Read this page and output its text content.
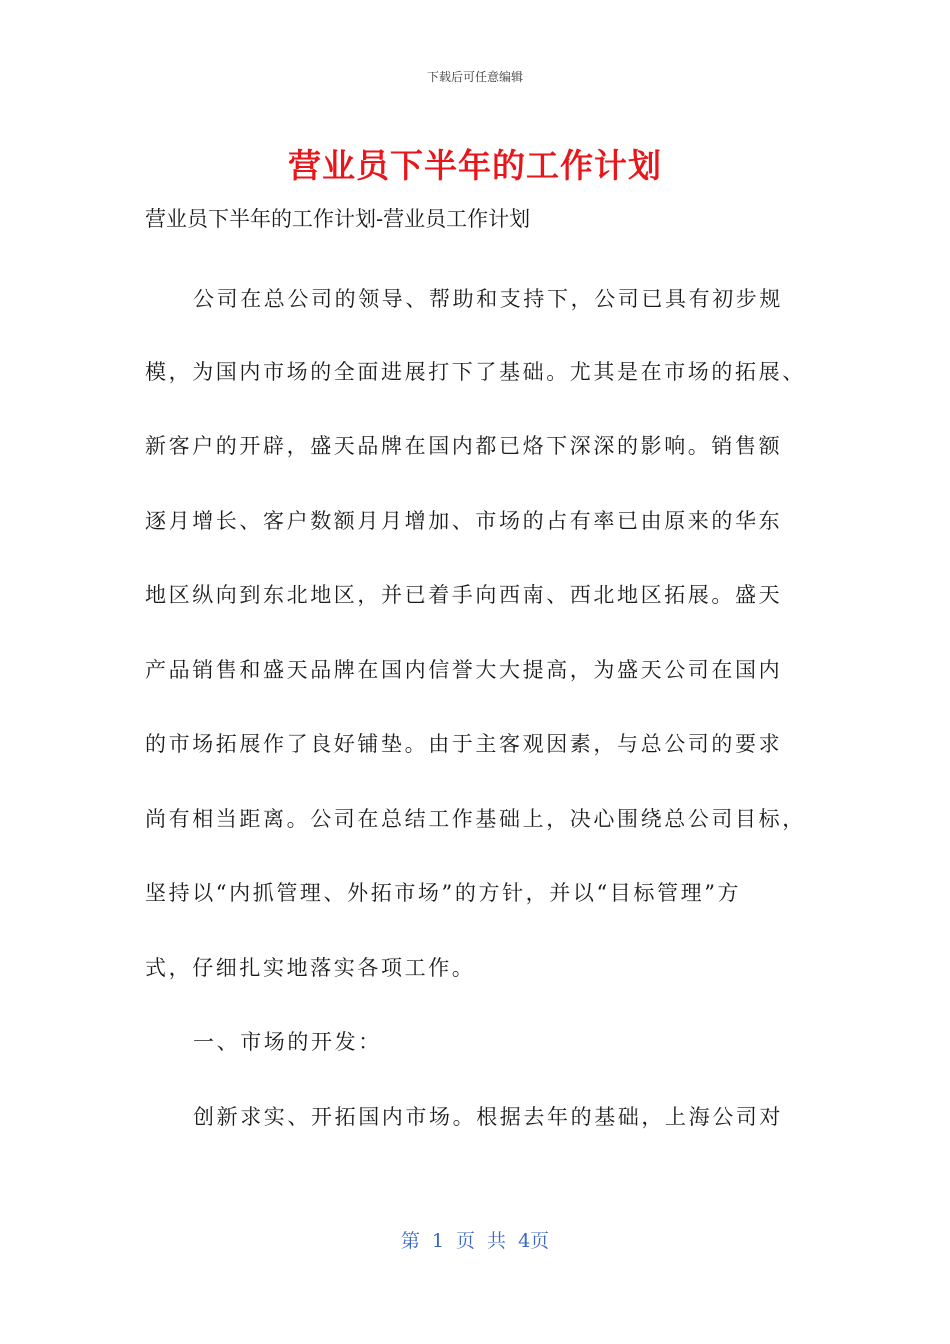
下载后可任意编辑
营业员下半年的工作计划
营业员下半年的工作计划-营业员工作计划
公司在总公司的领导、帮助和支持下，公司已具有初步规
模，为国内市场的全面进展打下了基础。尤其是在市场的拓展、
新客户的开辟，盛天品牌在国内都已烙下深深的影响。销售额
逐月增长、客户数额月月增加、市场的占有率已由原来的华东
地区纵向到东北地区，并已着手向西南、西北地区拓展。盛天
产品销售和盛天品牌在国内信誉大大提高，为盛天公司在国内
的市场拓展作了良好铺垫。由于主客观因素，与总公司的要求
尚有相当距离。公司在总结工作基础上，决心围绕总公司目标，
坚持以“内抓管理、外拓市场”的方针，并以“目标管理”方
式，仔细扎实地落实各项工作。
一、市场的开发：
创新求实、开拓国内市场。根据去年的基础，上海公司对
第 1 页 共 4页
